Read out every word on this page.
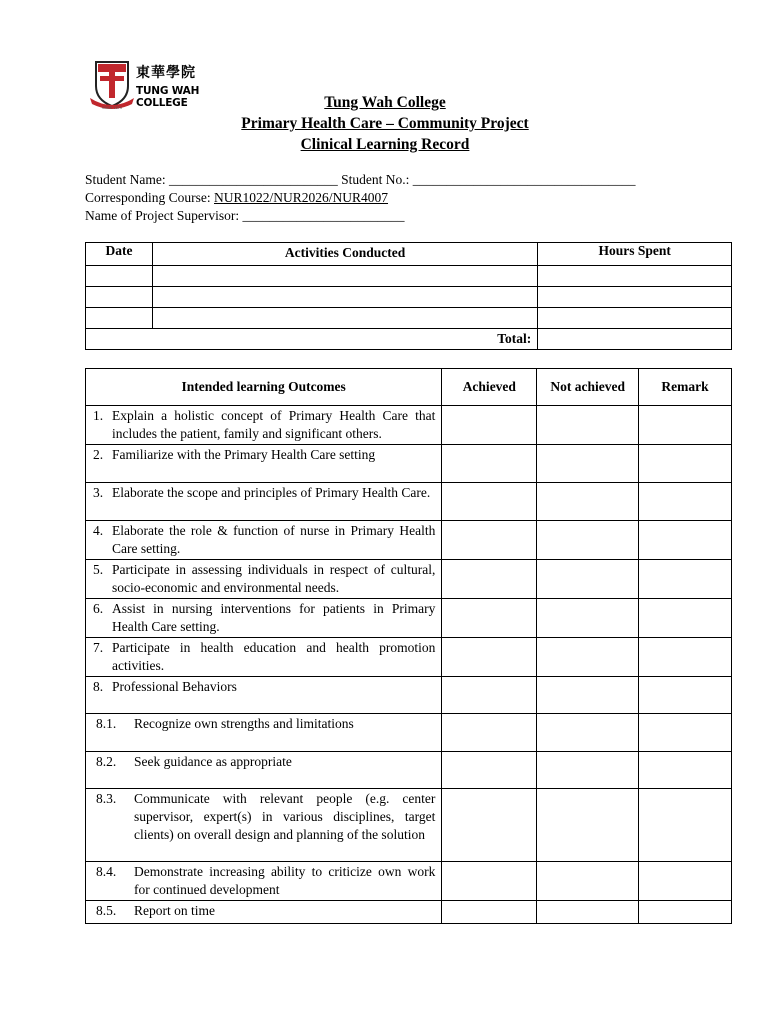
SINCE 1870
東華學院
TUNG WAH COLLEGE	Tung Wah College
Primary Health Care – Community Project
Clinical Learning Record
Student Name: _________________________ Student No.: _________________________________
Corresponding Course: NUR1022/NUR2026/NUR4007
Name of Project Supervisor: ________________________
Date	Activities Conducted	Hours Spent

Total:		
Intended learning Outcomes	Achieved	Not achieved	Remark

1. Explain a holistic concept of Primary Health Care that includes the patient, family and significant others.			

2. Familiarize with the Primary Health Care setting			

3. Elaborate the scope and principles of Primary Health Care.			

4. Elaborate the role & function of nurse in Primary Health Care setting.			

5. Participate in assessing individuals in respect of cultural, socio-economic and environmental needs.			

6. Assist in nursing interventions for patients in Primary Health Care setting.			

7. Participate in health education and health promotion activities.			

8. Professional Behaviors			

8.1. Recognize own strengths and limitations			

8.2. Seek guidance as appropriate			

8.3. Communicate with relevant people (e.g. center supervisor, expert(s) in various disciplines, target clients) on overall design and planning of the solution			

8.4. Demonstrate increasing ability to criticize own work for continued development			

8.5. Report on time			
